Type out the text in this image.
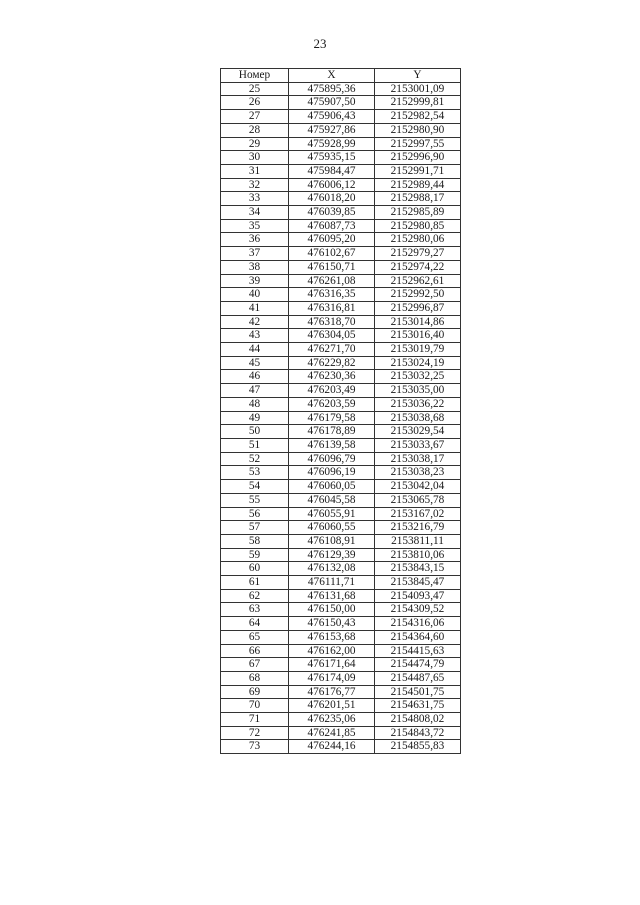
23
Номер	X	Y
25	475895,36	2153001,09
26	475907,50	2152999,81
27	475906,43	2152982,54
28	475927,86	2152980,90
29	475928,99	2152997,55
30	475935,15	2152996,90
31	475984,47	2152991,71
32	476006,12	2152989,44
33	476018,20	2152988,17
34	476039,85	2152985,89
35	476087,73	2152980,85
36	476095,20	2152980,06
37	476102,67	2152979,27
38	476150,71	2152974,22
39	476261,08	2152962,61
40	476316,35	2152992,50
41	476316,81	2152996,87
42	476318,70	2153014,86
43	476304,05	2153016,40
44	476271,70	2153019,79
45	476229,82	2153024,19
46	476230,36	2153032,25
47	476203,49	2153035,00
48	476203,59	2153036,22
49	476179,58	2153038,68
50	476178,89	2153029,54
51	476139,58	2153033,67
52	476096,79	2153038,17
53	476096,19	2153038,23
54	476060,05	2153042,04
55	476045,58	2153065,78
56	476055,91	2153167,02
57	476060,55	2153216,79
58	476108,91	2153811,11
59	476129,39	2153810,06
60	476132,08	2153843,15
61	476111,71	2153845,47
62	476131,68	2154093,47
63	476150,00	2154309,52
64	476150,43	2154316,06
65	476153,68	2154364,60
66	476162,00	2154415,63
67	476171,64	2154474,79
68	476174,09	2154487,65
69	476176,77	2154501,75
70	476201,51	2154631,75
71	476235,06	2154808,02
72	476241,85	2154843,72
73	476244,16	2154855,83
